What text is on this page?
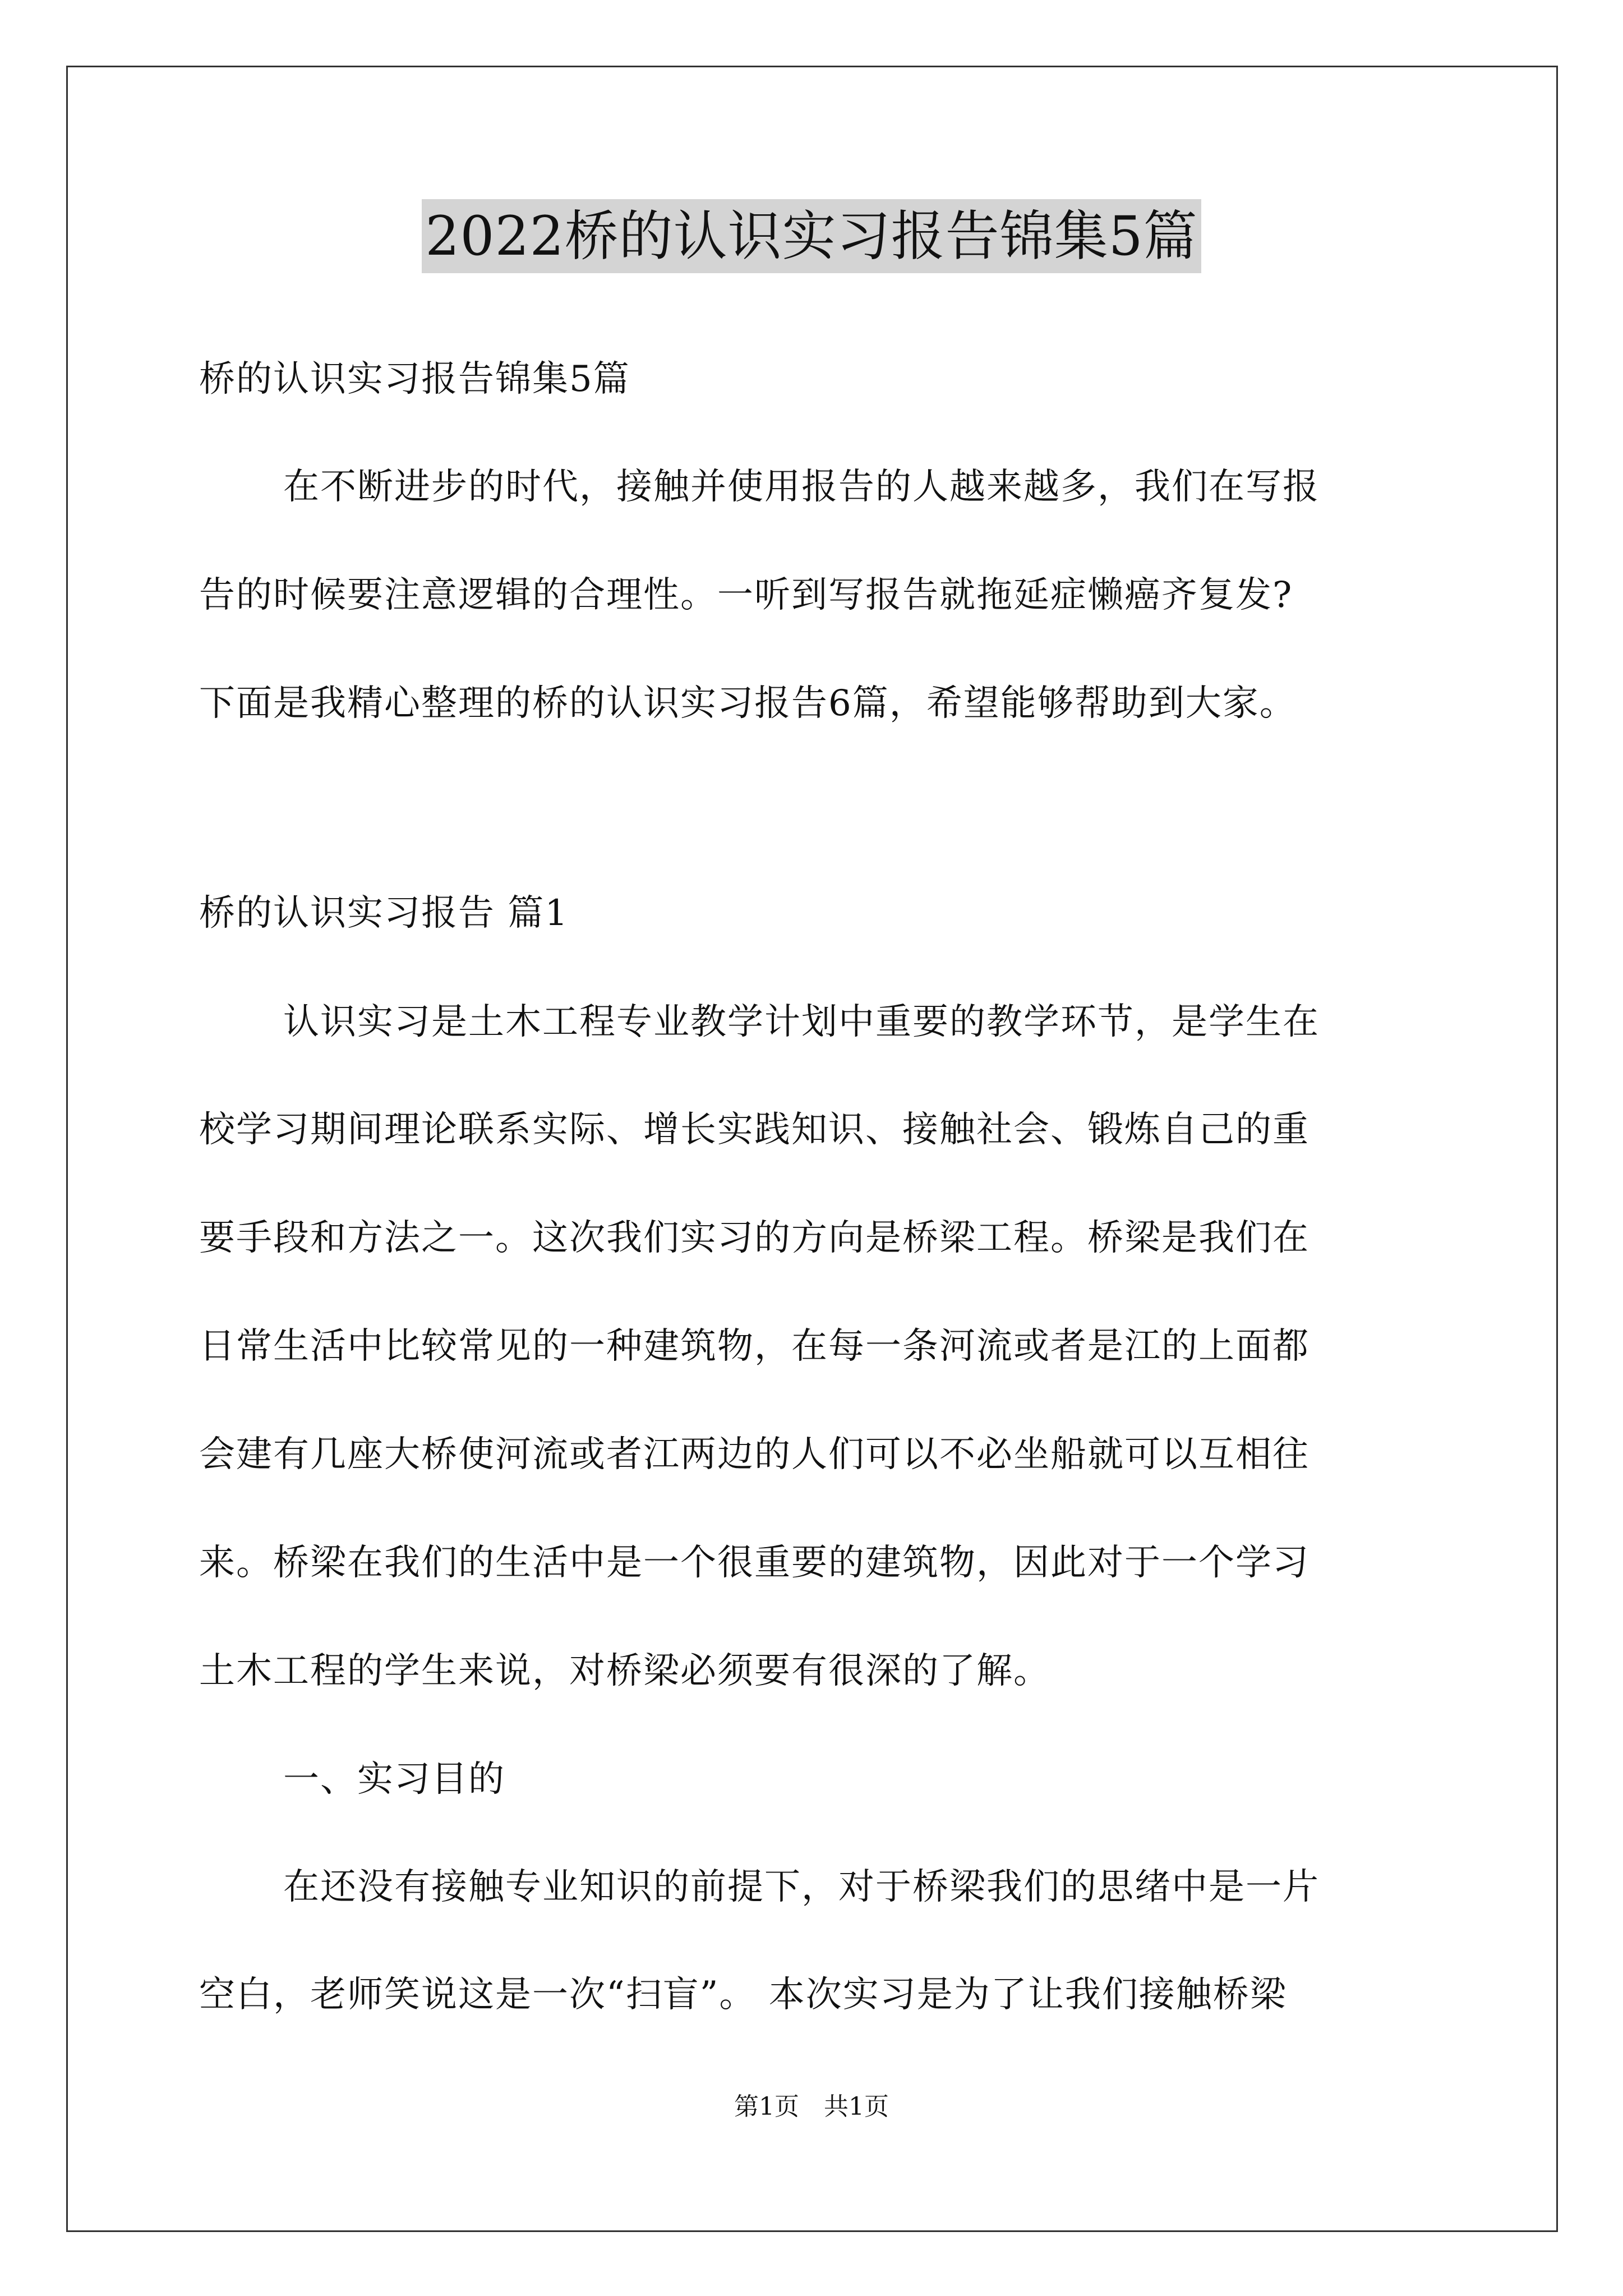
2022桥的认识实习报告锦集5篇

桥的认识实习报告锦集5篇

在不断进步的时代，接触并使用报告的人越来越多，我们在写报

告的时候要注意逻辑的合理性。一听到写报告就拖延症懒癌齐复发?

下面是我精心整理的桥的认识实习报告6篇，希望能够帮助到大家。

桥的认识实习报告 篇1

认识实习是土木工程专业教学计划中重要的教学环节，是学生在

校学习期间理论联系实际、增长实践知识、接触社会、锻炼自己的重

要手段和方法之一。这次我们实习的方向是桥梁工程。桥梁是我们在

日常生活中比较常见的一种建筑物，在每一条河流或者是江的上面都

会建有几座大桥使河流或者江两边的人们可以不必坐船就可以互相往

来。桥梁在我们的生活中是一个很重要的建筑物，因此对于一个学习

土木工程的学生来说，对桥梁必须要有很深的了解。

一、实习目的

在还没有接触专业知识的前提下，对于桥梁我们的思绪中是一片

空白，老师笑说这是一次“扫盲”。 本次实习是为了让我们接触桥梁

第1页　共1页
